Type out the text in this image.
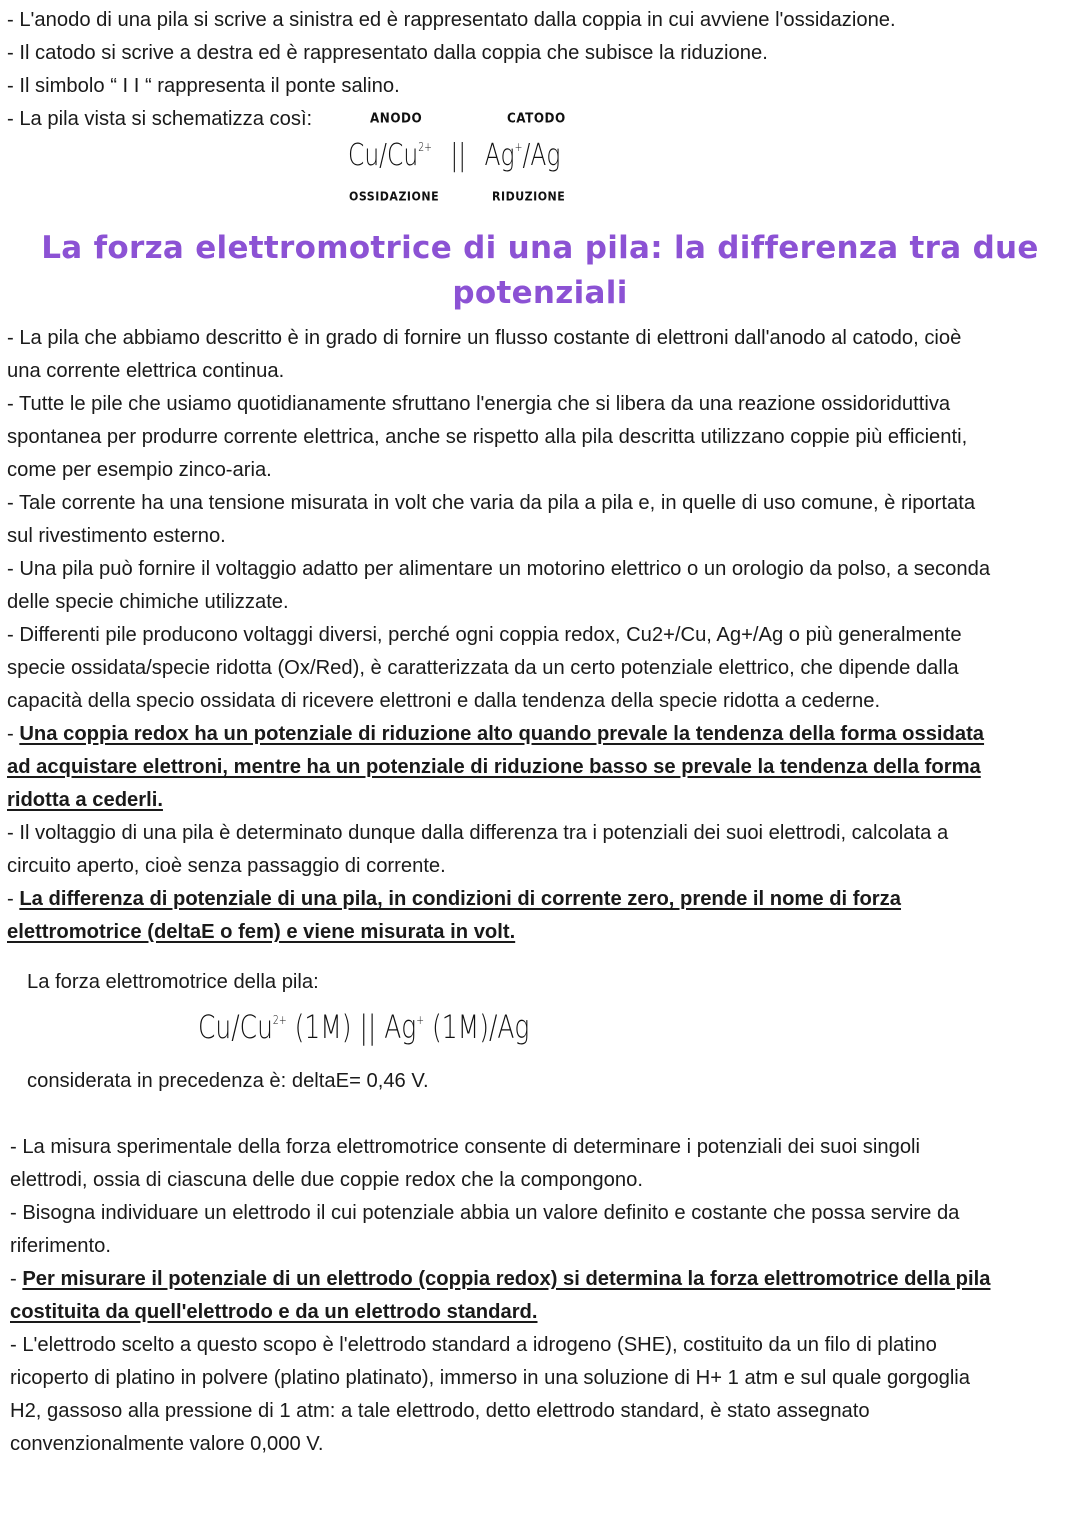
- L'anodo di una pila si scrive a sinistra ed è rappresentato dalla coppia in cui avviene l'ossidazione.
- Il catodo si scrive a destra ed è rappresentato dalla coppia che subisce la riduzione.
- Il simbolo “ I I “ rappresenta il ponte salino.
- La pila vista si schematizza così:	ANODO	CATODO
$Cu/Cu^{2+}$ || Ag+/Ag
OSSIDAZIONE	RIDUZIONE
La forza elettromotrice di una pila: la differenza tra due
potenziali
- La pila che abbiamo descritto è in grado di fornire un flusso costante di elettroni dall'anodo al catodo, cioè
una corrente elettrica continua.
- Tutte le pile che usiamo quotidianamente sfruttano l'energia che si libera da una reazione ossidoriduttiva
spontanea per produrre corrente elettrica, anche se rispetto alla pila descritta utilizzano coppie più efficienti,
come per esempio zinco-aria.
- Tale corrente ha una tensione misurata in volt che varia da pila a pila e, in quelle di uso comune, è riportata
sul rivestimento esterno.
- Una pila può fornire il voltaggio adatto per alimentare un motorino elettrico o un orologio da polso, a seconda
delle specie chimiche utilizzate.
- Differenti pile producono voltaggi diversi, perché ogni coppia redox, Cu2+/Cu, Ag+/Ag o più generalmente
specie ossidata/specie ridotta (Ox/Red), è caratterizzata da un certo potenziale elettrico, che dipende dalla
capacità della specio ossidata di ricevere elettroni e dalla tendenza della specie ridotta a cederne.
- Una coppia redox ha un potenziale di riduzione alto quando prevale la tendenza della forma ossidata
ad acquistare elettroni, mentre ha un potenziale di riduzione basso se prevale la tendenza della forma
ridotta a cederli.
- Il voltaggio di una pila è determinato dunque dalla differenza tra i potenziali dei suoi elettrodi, calcolata a
circuito aperto, cioè senza passaggio di corrente.
- La differenza di potenziale di una pila, in condizioni di corrente zero, prende il nome di forza
elettromotrice (deltaE o fem) e viene misurata in volt.
La forza elettromotrice della pila:
$Cu/Cu^{2+}$ (1M) || Ag+ (1M)/Ag
considerata in precedenza è: deltaE= 0,46 V.
- La misura sperimentale della forza elettromotrice consente di determinare i potenziali dei suoi singoli
elettrodi, ossia di ciascuna delle due coppie redox che la compongono.
- Bisogna individuare un elettrodo il cui potenziale abbia un valore definito e costante che possa servire da
riferimento.
- Per misurare il potenziale di un elettrodo (coppia redox) si determina la forza elettromotrice della pila
costituita da quell'elettrodo e da un elettrodo standard.
- L'elettrodo scelto a questo scopo è l'elettrodo standard a idrogeno (SHE), costituito da un filo di platino
ricoperto di platino in polvere (platino platinato), immerso in una soluzione di H+ 1 atm e sul quale gorgoglia
H2, gassoso alla pressione di 1 atm: a tale elettrodo, detto elettrodo standard, è stato assegnato
convenzionalmente valore 0,000 V.
